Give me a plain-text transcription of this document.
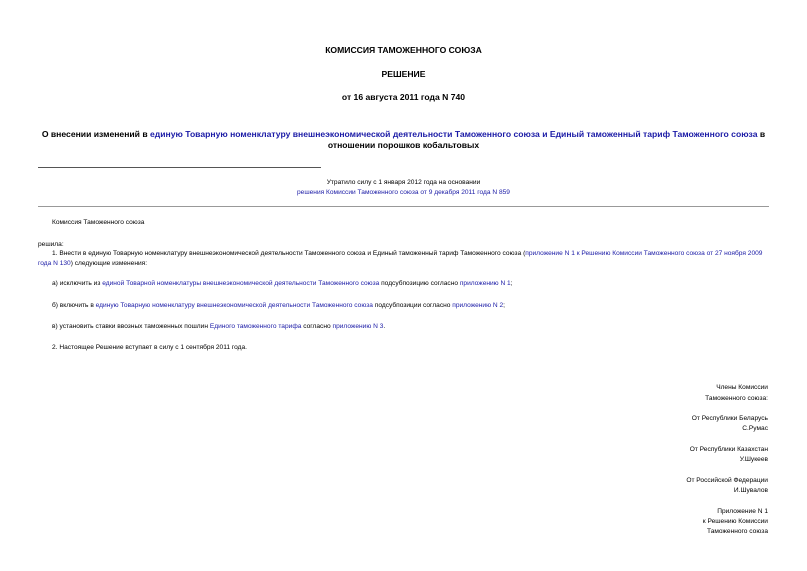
КОМИССИЯ ТАМОЖЕННОГО СОЮЗА
РЕШЕНИЕ
от 16 августа 2011 года N 740
О внесении изменений в единую Товарную номенклатуру внешнеэкономической деятельности Таможенного союза и Единый таможенный тариф Таможенного союза в отношении порошков кобальтовых
Утратило силу с 1 января 2012 года на основании
решения Комиссии Таможенного союза от 9 декабря 2011 года N 859
Комиссия Таможенного союза
решила:
1. Внести в единую Товарную номенклатуру внешнеэкономической деятельности Таможенного союза и Единый таможенный тариф Таможенного союза (приложение N 1 к Решению Комиссии Таможенного союза от 27 ноября 2009 года N 130) следующие изменения:
а) исключить из единой Товарной номенклатуры внешнеэкономической деятельности Таможенного союза подсубпозицию согласно приложению N 1;
б) включить в единую Товарную номенклатуру внешнеэкономической деятельности Таможенного союза подсубпозиции согласно приложению N 2;
в) установить ставки ввозных таможенных пошлин Единого таможенного тарифа согласно приложению N 3.
2. Настоящее Решение вступает в силу с 1 сентября 2011 года.
Члены Комиссии
Таможенного союза:
От Республики Беларусь
С.Румас
От Республики Казахстан
У.Шукеев
От Российской Федерации
И.Шувалов
Приложение N 1
к Решению Комиссии
Таможенного союза
